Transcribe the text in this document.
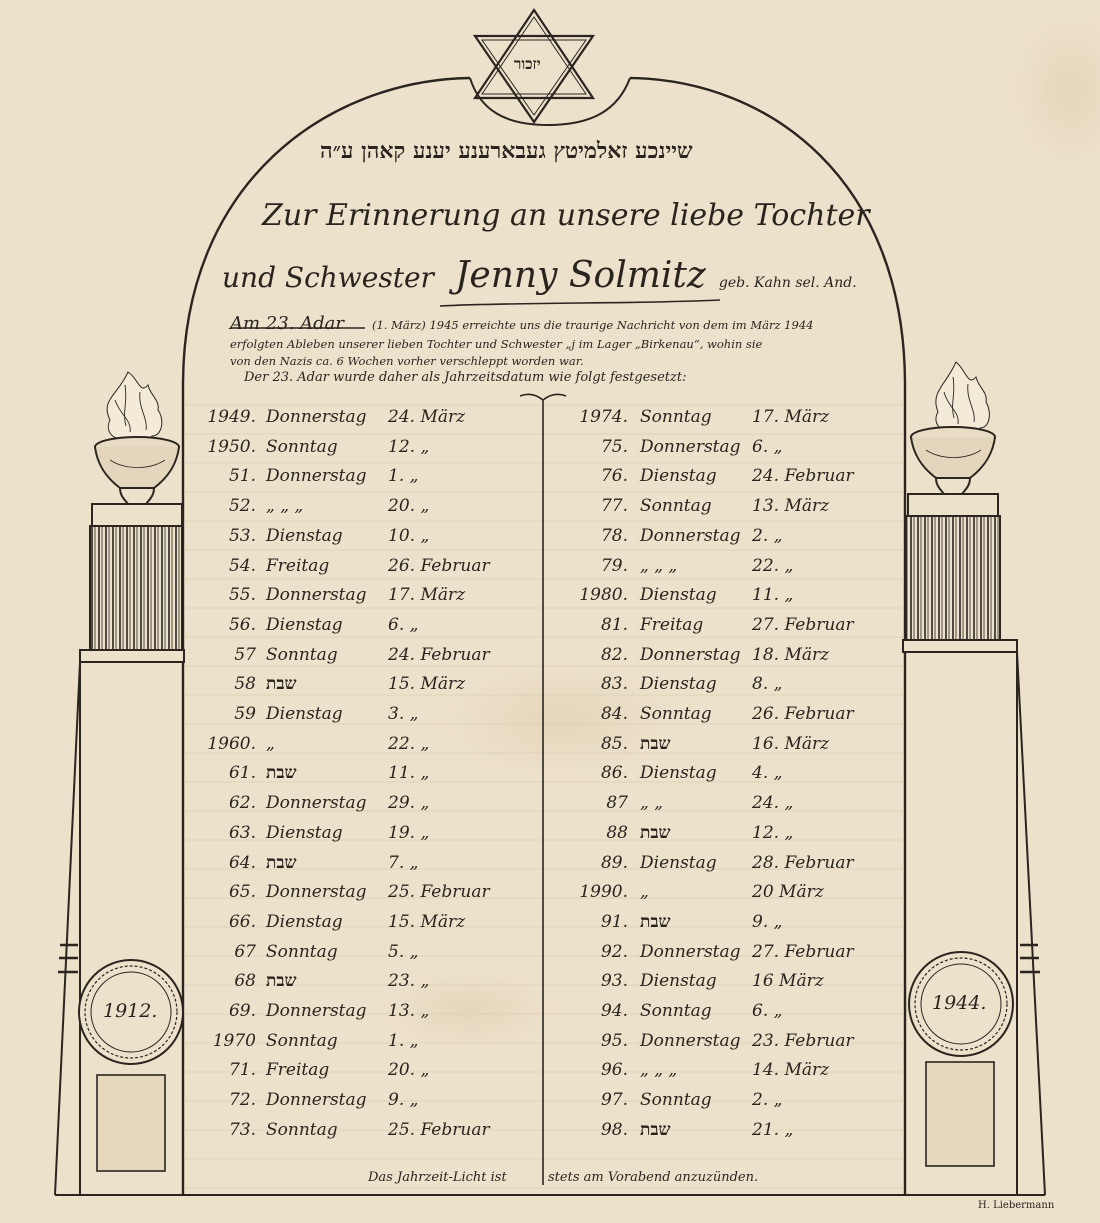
יזכור
שיינכע זאלמיטץ געבארענע יענע קאהן ע״ה
Zur Erinnerung an unsere liebe Tochter
und Schwester Jenny Solmitz geb. Kahn sel. And.
Am 23. Adar (1. März) 1945 erreichte uns die traurige Nachricht von dem im März 1944
erfolgten Ableben unserer lieben Tochter und Schwester „j im Lager „Birkenau“, wohin sie
von den Nazis ca. 6 Wochen vorher verschleppt worden war.
Der 23. Adar wurde daher als Jahrzeitsdatum wie folgt festgesetzt:
1949. Donnerstag 24. März
1950. Sonntag	12. „
51. Donnerstag 1. „
52. „ „ „	20. „
53. Dienstag	10. „
54. Freitag	26. Februar
55. Donnerstag 17. März
56. Dienstag	6. „
57 Sonntag	24. Februar
58 שבת	15. März
59 Dienstag	3. „
1960. „	22. „
61. שבת	11. „
62. Donnerstag 29. „
63. Dienstag	19. „
64. שבת	7. „
65. Donnerstag 25. Februar
66. Dienstag	15. März
67 Sonntag	5. „
68 שבת	23. „
69. Donnerstag 13. „
1970 Sonntag	1. „
71. Freitag	20. „
72. Donnerstag 9. „
73. Sonntag	25. Februar
1974. Sonntag 17. März
75. Donnerstag 6. „
76. Dienstag 24. Februar
77. Sonntag 13. März
78. Donnerstag 2. „
79. „ „ „	22. „
1980. Dienstag 11. „
81. Freitag	27. Februar
82. Donnerstag 18. März
83. Dienstag 8. „
84. Sonntag 26. Februar
85. שבת	16. März
86. Dienstag 4. „
87 „ „	24. „
88 שבת	12. „
89. Dienstag 28. Februar
1990. „	20 März
91. שבת	9. „
92. Donnerstag 27. Februar
93. Dienstag 16 März
94. Sonntag 6. „
95. Donnerstag 23. Februar
96. „ „ „	14. März
97. Sonntag 2. „
98. שבת	21. „
1912.	1944.
Das Jahrzeit-Licht ist	stets am Vorabend anzuzünden.
H. Liebermann
